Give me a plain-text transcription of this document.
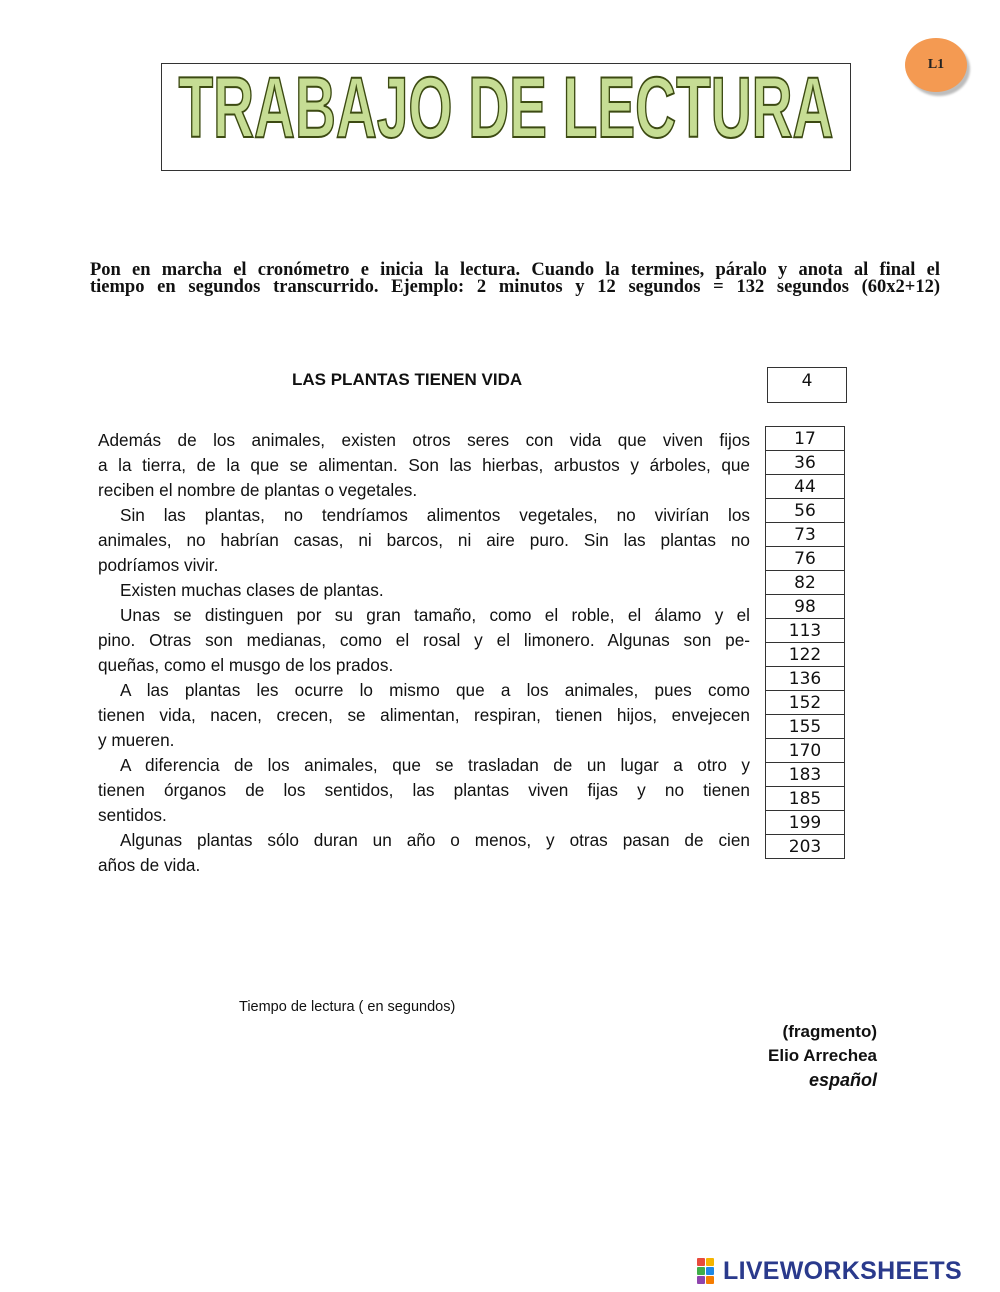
TRABAJO DE LECTURA	L1
Pon en marcha el cronómetro e inicia la lectura. Cuando la termines, páralo y anota al final el
tiempo en segundos transcurrido. Ejemplo: 2 minutos y 12 segundos = 132 segundos (60x2+12)
LAS PLANTAS TIENEN VIDA	4
Además de los animales, existen otros seres con vida que viven fijos
a la tierra, de la que se alimentan. Son las hierbas, arbustos y árboles, que
reciben el nombre de plantas o vegetales.
Sin las plantas, no tendríamos alimentos vegetales, no vivirían los
animales, no habrían casas, ni barcos, ni aire puro. Sin las plantas no
podríamos vivir.
Existen muchas clases de plantas.
Unas se distinguen por su gran tamaño, como el roble, el álamo y el
pino. Otras son medianas, como el rosal y el limonero. Algunas son pe-
queñas, como el musgo de los prados.
A las plantas les ocurre lo mismo que a los animales, pues como
tienen vida, nacen, crecen, se alimentan, respiran, tienen hijos, envejecen
y mueren.
A diferencia de los animales, que se trasladan de un lugar a otro y
tienen órganos de los sentidos, las plantas viven fijas y no tienen
sentidos.
Algunas plantas sólo duran un año o menos, y otras pasan de cien
años de vida.
17
36
44
56
73
76
82
98
113
122
136
152
155
170
183
185
199
203
Tiempo de lectura ( en segundos)
(fragmento)
Elio Arrechea
español
LIVEWORKSHEETS
